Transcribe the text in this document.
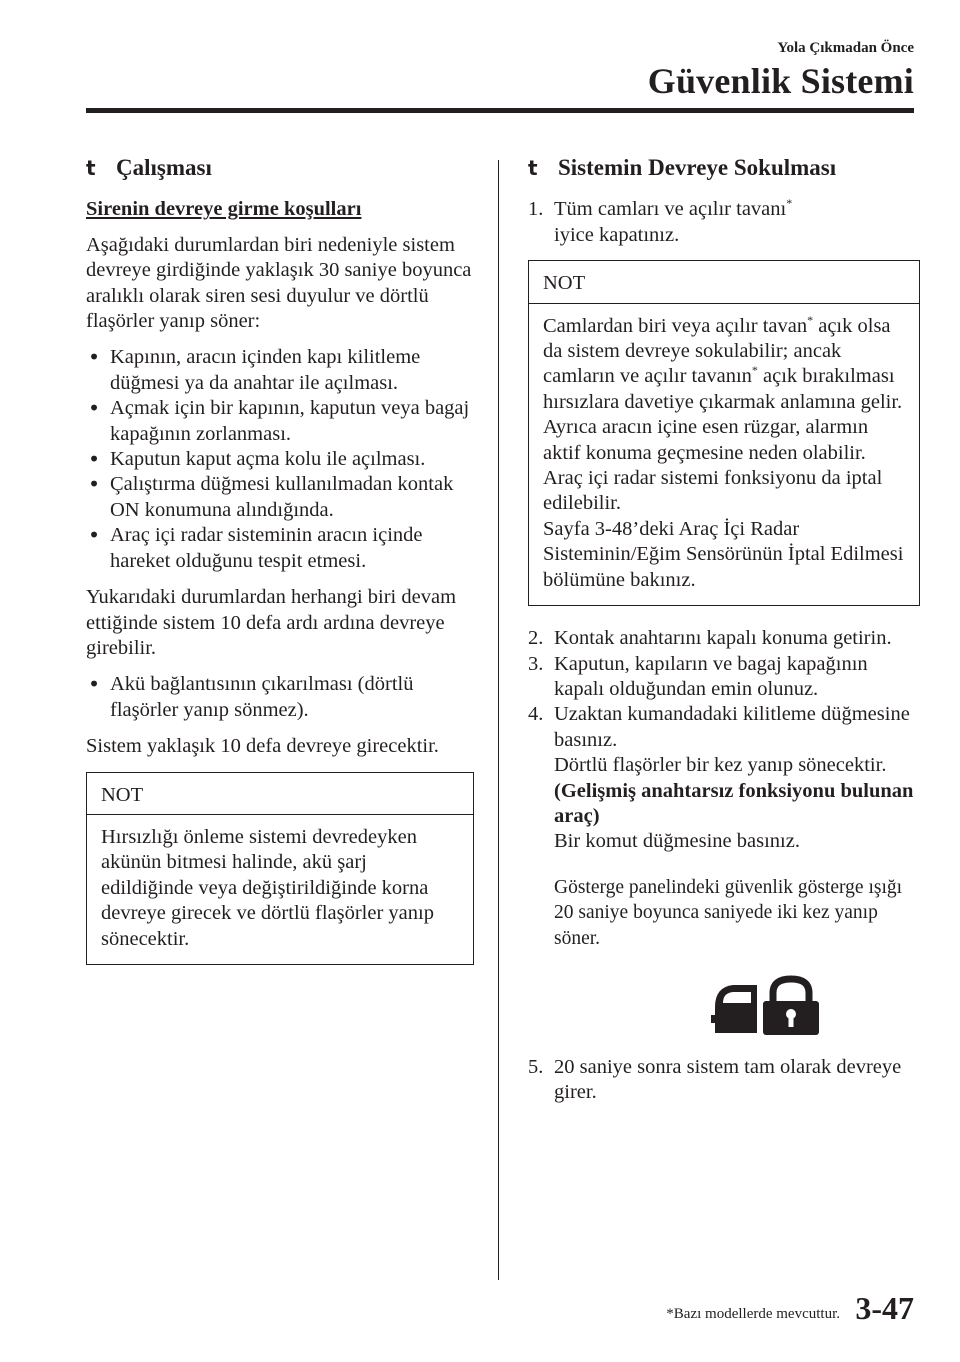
Yola Çıkmadan Önce
Güvenlik Sistemi
t Çalışması
Sirenin devreye girme koşulları

Aşağıdaki durumlardan biri nedeniyle sistem devreye girdiğinde yaklaşık 30 saniye boyunca aralıklı olarak siren sesi duyulur ve dörtlü flaşörler yanıp söner:

• Kapının, aracın içinden kapı kilitleme düğmesi ya da anahtar ile açılması.
• Açmak için bir kapının, kaputun veya bagaj kapağının zorlanması.
• Kaputun kaput açma kolu ile açılması.
• Çalıştırma düğmesi kullanılmadan kontak ON konumuna alındığında.
• Araç içi radar sisteminin aracın içinde hareket olduğunu tespit etmesi.

Yukarıdaki durumlardan herhangi biri devam ettiğinde sistem 10 defa ardı ardına devreye girebilir.

• Akü bağlantısının çıkarılması (dörtlü flaşörler yanıp sönmez).

Sistem yaklaşık 10 defa devreye girecektir.

NOT
Hırsızlığı önleme sistemi devredeyken akünün bitmesi halinde, akü şarj edildiğinde veya değiştirildiğinde korna devreye girecek ve dörtlü flaşörler yanıp sönecektir.
t Sistemin Devreye Sokulması
1. Tüm camları ve açılır tavanı*
iyice kapatınız.
NOT
Camlardan biri veya açılır tavan* açık olsa da sistem devreye sokulabilir; ancak camların ve açılır tavanın* açık bırakılması hırsızlara davetiye çıkarmak anlamına gelir. Ayrıca aracın içine esen rüzgar, alarmın aktif konuma geçmesine neden olabilir. Araç içi radar sistemi fonksiyonu da iptal edilebilir.
Sayfa 3-48’deki Araç İçi Radar Sisteminin/Eğim Sensörünün İptal Edilmesi bölümüne bakınız.
2. Kontak anahtarını kapalı konuma getirin.
3. Kaputun, kapıların ve bagaj kapağının kapalı olduğundan emin olunuz.
4. Uzaktan kumandadaki kilitleme düğmesine basınız.
Dörtlü flaşörler bir kez yanıp sönecektir.
(Gelişmiş anahtarsız fonksiyonu bulunan araç)
Bir komut düğmesine basınız.
Gösterge panelindeki güvenlik gösterge ışığı 20 saniye boyunca saniyede iki kez yanıp söner.
5. 20 saniye sonra sistem tam olarak devreye girer.
*Bazı modellerde mevcuttur. 3-47
